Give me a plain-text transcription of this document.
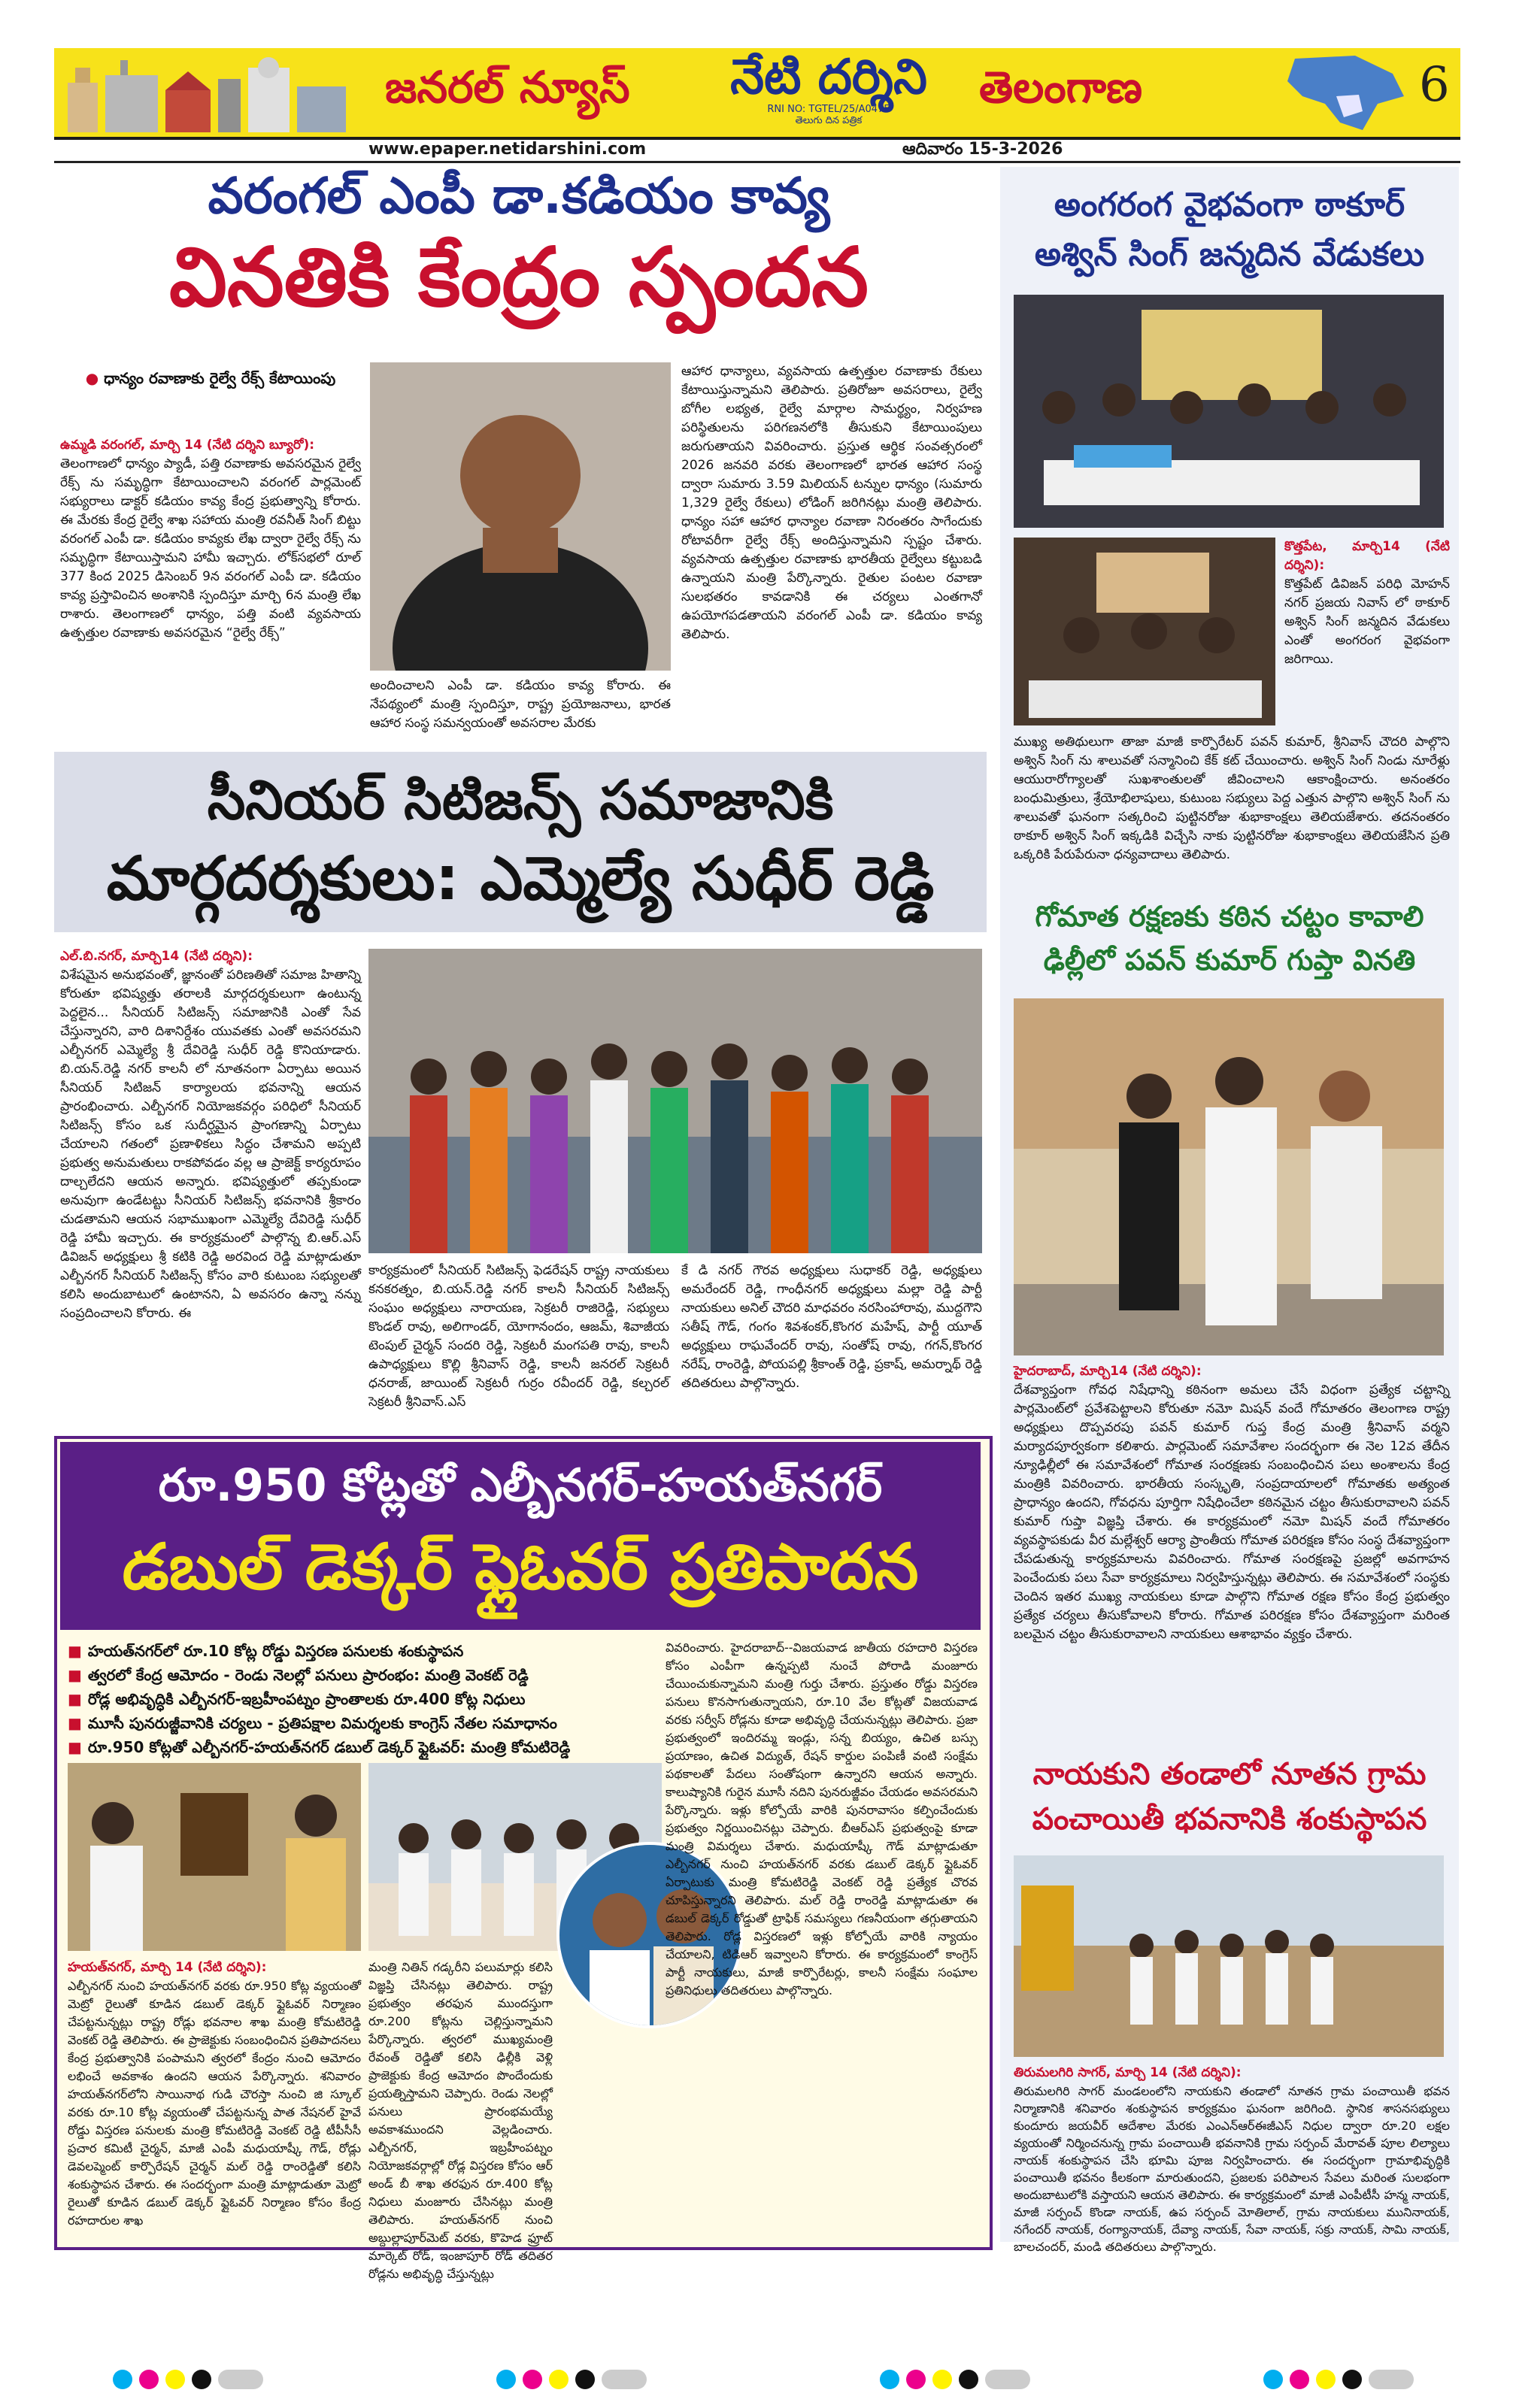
జనరల్ న్యూస్	నేటి దర్శిని
RNI NO: TGTEL/25/A0475
తెలుగు దిన పత్రిక
తెలంగాణ	6
www.epaper.netidarshini.com	ఆదివారం 15-3-2026
వరంగల్ ఎంపీ డా.కడియం కావ్య
వినతికి కేంద్రం స్పందన
● ధాన్యం రవాణాకు రైల్వే రేక్స్ కేటాయింపు

ఉమ్మడి వరంగల్, మార్చి 14 (నేటి దర్శిని బ్యూరో):

తెలంగాణలో ధాన్యం ప్యాడీ, పత్తి రవాణాకు అవసరమైన రైల్వే రేక్స్ ను సమృద్ధిగా కేటాయించాలని వరంగల్ పార్లమెంట్ సభ్యురాలు డాక్టర్ కడియం కావ్య కేంద్ర ప్రభుత్వాన్ని కోరారు. ఈ మేరకు కేంద్ర రైల్వే శాఖ సహాయ మంత్రి రవనీత్ సింగ్ బిట్టు వరంగల్ ఎంపీ డా. కడియం కావ్యకు లేఖ ద్వారా రైల్వే రేక్స్ ను సమృద్ధిగా కేటాయిస్తామని హామీ ఇచ్చారు. లోక్‌సభలో రూల్ 377 కింద 2025 డిసెంబర్ 9న వరంగల్ ఎంపీ డా. కడియం కావ్య ప్రస్తావించిన అంశానికి స్పందిస్తూ మార్చి 6న మంత్రి లేఖ రాశారు. తెలంగాణలో ధాన్యం, పత్తి వంటి వ్యవసాయ ఉత్పత్తుల రవాణాకు అవసరమైన “రైల్వే రేక్స్”

అందించాలని ఎంపీ డా. కడియం కావ్య కోరారు. ఈ నేపథ్యంలో మంత్రి స్పందిస్తూ, రాష్ట్ర ప్రయోజనాలు, భారత ఆహార సంస్థ సమన్వయంతో అవసరాల మేరకు

ఆహార ధాన్యాలు, వ్యవసాయ ఉత్పత్తుల రవాణాకు రేకులు కేటాయిస్తున్నామని తెలిపారు. ప్రతిరోజూ అవసరాలు, రైల్వే బోగీల లభ్యత, రైల్వే మార్గాల సామర్థ్యం, నిర్వహణ పరిస్థితులను పరిగణనలోకి తీసుకుని కేటాయింపులు జరుగుతాయని వివరించారు. ప్రస్తుత ఆర్థిక సంవత్సరంలో 2026 జనవరి వరకు తెలంగాణలో భారత ఆహార సంస్థ ద్వారా సుమారు 3.59 మిలియన్ టన్నుల ధాన్యం (సుమారు 1,329 రైల్వే రేకులు) లోడింగ్ జరిగినట్లు మంత్రి తెలిపారు. ధాన్యం సహా ఆహార ధాన్యాల రవాణా నిరంతరం సాగేందుకు రోటావరీగా రైల్వే రేక్స్ అందిస్తున్నామని స్పష్టం చేశారు. వ్యవసాయ ఉత్పత్తుల రవాణాకు భారతీయ రైల్వేలు కట్టుబడి ఉన్నాయని మంత్రి పేర్కొన్నారు. రైతుల పంటల రవాణా సులభతరం కావడానికి ఈ చర్యలు ఎంతగానో ఉపయోగపడతాయని వరంగల్ ఎంపీ డా. కడియం కావ్య తెలిపారు.

సీనియర్ సిటిజన్స్ సమాజానికి
మార్గదర్శకులు: ఎమ్మెల్యే సుధీర్ రెడ్డి

ఎల్.బి.నగర్, మార్చి14 (నేటి దర్శిని):

విశేషమైన అనుభవంతో, జ్ఞానంతో పరిణతితో సమాజ హితాన్ని కోరుతూ భవిష్యత్తు తరాలకి మార్గదర్శకులుగా ఉంటున్న పెద్దలైన... సీనియర్ సిటిజన్స్ సమాజానికి ఎంతో సేవ చేస్తున్నారని, వారి దిశానిర్దేశం యువతకు ఎంతో అవసరమని ఎల్బీనగర్ ఎమ్మెల్యే శ్రీ దేవిరెడ్డి సుధీర్ రెడ్డి కొనియాడారు. బి.యన్.రెడ్డి నగర్ కాలనీ లో నూతనంగా ఏర్పాటు అయిన సీనియర్ సిటిజన్ కార్యాలయ భవనాన్ని ఆయన ప్రారంభించారు. ఎల్బీనగర్ నియోజకవర్గం పరిధిలో సీనియర్ సిటిజన్స్ కోసం ఒక సుదీర్ఘమైన ప్రాంగణాన్ని ఏర్పాటు చేయాలని గతంలో ప్రణాళికలు సిద్ధం చేశామని అప్పటి ప్రభుత్వ అనుమతులు రాకపోవడం వల్ల ఆ ప్రాజెక్ట్ కార్యరూపం దాల్చలేదని ఆయన అన్నారు. భవిష్యత్తులో తప్పకుండా అనువుగా ఉండేటట్టు సీనియర్ సిటిజన్స్ భవనానికి శ్రీకారం చుడతామని ఆయన సభాముఖంగా ఎమ్మెల్యే దేవిరెడ్డి సుధీర్ రెడ్డి హామీ ఇచ్చారు. ఈ కార్యక్రమంలో పాల్గొన్న బి.ఆర్.ఎస్ డివిజన్ అధ్యక్షులు శ్రీ కటికి రెడ్డి అరవింద రెడ్డి మాట్లాడుతూ ఎల్బీనగర్ సీనియర్ సిటిజన్స్ కోసం వారి కుటుంబ సభ్యులతో కలిసి అందుబాటులో ఉంటానని, ఏ అవసరం ఉన్నా నన్ను సంప్రదించాలని కోరారు. ఈ

కార్యక్రమంలో సీనియర్ సిటిజన్స్ ఫెడరేషన్ రాష్ట్ర నాయకులు కనకరత్నం, బి.యన్.రెడ్డి నగర్ కాలనీ సీనియర్ సిటిజన్స్ సంఘం అధ్యక్షులు నారాయణ, సెక్రటరీ రాజిరెడ్డి, సభ్యులు కొండల్ రావు, అలిగాండర్, యోగానందం, ఆజమ్, శివాజీయ టెంపుల్ చైర్మన్ సందరి రెడ్డి, సెక్రటరీ మంగపతి రావు, కాలనీ ఉపాధ్యక్షులు కొల్లి శ్రీనివాస్ రెడ్డి, కాలనీ జనరల్ సెక్రటరీ ధనరాజ్, జాయింట్ సెక్రటరీ గుర్రం రవీందర్ రెడ్డి, కల్చరల్ సెక్రటరీ శ్రీనివాస్.ఎస్

కే డి నగర్ గౌరవ అధ్యక్షులు సుధాకర్ రెడ్డి, అధ్యక్షులు అమరేందర్ రెడ్డి, గాంధీనగర్ అధ్యక్షులు మల్లా రెడ్డి పార్టీ నాయకులు అనిల్ చౌదరి మాధవరం నరసింహారావు, ముద్దగౌని సతీష్ గౌడ్, గంగం శివశంకర్,కొంగర మహేష్, పార్టీ యూత్ అధ్యక్షులు రాఘవేందర్ రావు, సంతోష్ రావు, గగన్,కొంగర నరేష్, రాంరెడ్డి, పోయపల్లి శ్రీకాంత్ రెడ్డి, ప్రకాష్, అమర్నాథ్ రెడ్డి తదితరులు పాల్గొన్నారు.

రూ.950 కోట్లతో ఎల్బీనగర్-హయత్‌నగర్
డబుల్ డెక్కర్ ఫ్లైఓవర్ ప్రతిపాదన
■ హయత్‌నగర్‌లో రూ.10 కోట్ల రోడ్డు విస్తరణ పనులకు శంకుస్థాపన
■ త్వరలో కేంద్ర ఆమోదం - రెండు నెలల్లో పనులు ప్రారంభం: మంత్రి వెంకట్ రెడ్డి
■ రోడ్ల అభివృద్ధికి ఎల్బీనగర్-ఇబ్రహీంపట్నం ప్రాంతాలకు రూ.400 కోట్ల నిధులు
■ మూసీ పునరుజ్జీవానికి చర్యలు - ప్రతిపక్షాల విమర్శలకు కాంగ్రెస్ నేతల సమాధానం
■ రూ.950 కోట్లతో ఎల్బీనగర్-హయత్‌నగర్ డబుల్ డెక్కర్ ఫ్లైఓవర్: మంత్రి కోమటిరెడ్డి

హయత్‌నగర్, మార్చి 14 (నేటి దర్శిని):

ఎల్బీనగర్ నుంచి హయత్‌నగర్ వరకు రూ.950 కోట్ల వ్యయంతో మెట్రో రైలుతో కూడిన డబుల్ డెక్కర్ ఫ్లైఓవర్ నిర్మాణం చేపట్టనున్నట్లు రాష్ట్ర రోడ్లు భవనాల శాఖ మంత్రి కోమటిరెడ్డి వెంకట్ రెడ్డి తెలిపారు. ఈ ప్రాజెక్టుకు సంబంధించిన ప్రతిపాదనలు కేంద్ర ప్రభుత్వానికి పంపామని త్వరలో కేంద్రం నుంచి ఆమోదం లభించే అవకాశం ఉందని ఆయన పేర్కొన్నారు. శనివారం హయత్‌నగర్‌లోని సాయినాథ గుడి చౌరస్తా నుంచి జి స్కూల్ వరకు రూ.10 కోట్ల వ్యయంతో చేపట్టనున్న పాత నేషనల్ హైవే రోడ్డు విస్తరణ పనులకు మంత్రి కోమటిరెడ్డి వెంకట్ రెడ్డి టీపీసీసీ ప్రచార కమిటీ చైర్మన్, మాజీ ఎంపీ మధుయాష్కీ గౌడ్, రోడ్లు డెవలప్మెంట్ కార్పొరేషన్ చైర్మన్ మల్ రెడ్డి రాంరెడ్డితో కలిసి శంకుస్థాపన చేశారు. ఈ సందర్భంగా మంత్రి మాట్లాడుతూ మెట్రో రైలుతో కూడిన డబుల్ డెక్కర్ ఫ్లైఓవర్ నిర్మాణం కోసం కేంద్ర రహదారుల శాఖ

మంత్రి నితిన్ గడ్కరీని పలుమార్లు కలిసి విజ్ఞప్తి చేసినట్లు తెలిపారు. రాష్ట్ర ప్రభుత్వం తరఫున ముందస్తుగా రూ.200 కోట్లను చెల్లిస్తున్నామని పేర్కొన్నారు. త్వరలో ముఖ్యమంత్రి రేవంత్ రెడ్డితో కలిసి ఢిల్లీకి వెళ్లి ప్రాజెక్టుకు కేంద్ర ఆమోదం పొందేందుకు ప్రయత్నిస్తామని చెప్పారు. రెండు నెలల్లో పనులు ప్రారంభమయ్యే అవకాశముందని వెల్లడించారు. ఎల్బీనగర్, ఇబ్రహీంపట్నం నియోజకవర్గాల్లో రోడ్ల విస్తరణ కోసం ఆర్ అండ్ బీ శాఖ తరఫున రూ.400 కోట్ల నిధులు మంజూరు చేసినట్లు మంత్రి తెలిపారు. హయత్‌నగర్ నుంచి అబ్దుల్లాపూర్‌మెట్ వరకు, కొహెడ ఫ్రూట్ మార్కెట్ రోడ్, ఇంజాపూర్ రోడ్ తదితర రోడ్లను అభివృద్ధి చేస్తున్నట్లు

వివరించారు. హైదరాబాద్--విజయవాడ జాతీయ రహదారి విస్తరణ కోసం ఎంపీగా ఉన్నప్పటి నుంచే పోరాడి మంజూరు చేయించుకున్నామని మంత్రి గుర్తు చేశారు. ప్రస్తుతం రోడ్డు విస్తరణ పనులు కొనసాగుతున్నాయని, రూ.10 వేల కోట్లతో విజయవాడ వరకు సర్వీస్ రోడ్లను కూడా అభివృద్ధి చేయనున్నట్లు తెలిపారు. ప్రజా ప్రభుత్వంలో ఇందిరమ్మ ఇండ్లు, సన్న బియ్యం, ఉచిత బస్సు ప్రయాణం, ఉచిత విద్యుత్, రేషన్ కార్డుల పంపిణీ వంటి సంక్షేమ పథకాలతో పేదలు సంతోషంగా ఉన్నారని ఆయన అన్నారు. కాలుష్యానికి గురైన మూసీ నదిని పునరుజ్జీవం చేయడం అవసరమని పేర్కొన్నారు. ఇళ్లు కోల్పోయే వారికి పునరావాసం కల్పించేందుకు ప్రభుత్వం నిర్ణయించినట్లు చెప్పారు. బీఆర్ఎస్ ప్రభుత్వంపై కూడా మంత్రి విమర్శలు చేశారు. మధుయాష్కీ గౌడ్ మాట్లాడుతూ ఎల్బీనగర్ నుంచి హయత్‌నగర్ వరకు డబుల్ డెక్కర్ ఫ్లైఓవర్ ఏర్పాటుకు మంత్రి కోమటిరెడ్డి వెంకట్ రెడ్డి ప్రత్యేక చొరవ చూపిస్తున్నారని తెలిపారు. మల్ రెడ్డి రాంరెడ్డి మాట్లాడుతూ ఈ డబుల్ డెక్కర్ రోడ్డుతో ట్రాఫిక్ సమస్యలు గణనీయంగా తగ్గుతాయని తెలిపారు. రోడ్ల విస్తరణలో ఇళ్లు కోల్పోయే వారికి న్యాయం చేయాలని, టిడిఆర్ ఇవ్వాలని కోరారు. ఈ కార్యక్రమంలో కాంగ్రెస్ పార్టీ నాయకులు, మాజీ కార్పొరేటర్లు, కాలనీ సంక్షేమ సంఘాల ప్రతినిధులు తదితరులు పాల్గొన్నారు.

అంగరంగ వైభవంగా ఠాకూర్
అశ్విన్ సింగ్ జన్మదిన వేడుకలు

కొత్తపేట, మార్చి14 (నేటి దర్శిని):

కొత్తపేట్ డివిజన్ పరిధి మోహన్ నగర్ ప్రజయ నివాస్ లో ఠాకూర్ అశ్విన్ సింగ్ జన్మదిన వేడుకలు ఎంతో అంగరంగ వైభవంగా జరిగాయి.

ముఖ్య అతిథులుగా తాజా మాజీ కార్పొరేటర్ పవన్ కుమార్, శ్రీనివాస్ చౌదరి పాల్గొని అశ్విన్ సింగ్ ను శాలువతో సన్మానించి కేక్ కట్ చేయించారు. అశ్విన్ సింగ్ నిండు నూరేళ్లు ఆయురారోగ్యాలతో సుఖశాంతులతో జీవించాలని ఆకాంక్షించారు. అనంతరం బంధుమిత్రులు, శ్రేయోభిలాషులు, కుటుంబ సభ్యులు పెద్ద ఎత్తున పాల్గొని అశ్విన్ సింగ్ ను శాలువతో ఘనంగా సత్కరించి పుట్టినరోజు శుభాకాంక్షలు తెలియజేశారు. తదనంతరం ఠాకూర్ అశ్విన్ సింగ్ ఇక్కడికి విచ్చేసి నాకు పుట్టినరోజు శుభాకాంక్షలు తెలియజేసిన ప్రతి ఒక్కరికి పేరుపేరునా ధన్యవాదాలు తెలిపారు.

గోమాత రక్షణకు కఠిన చట్టం కావాలి
ఢిల్లీలో పవన్ కుమార్ గుప్తా వినతి

హైదరాబాద్, మార్చి14 (నేటి దర్శిని):

దేశవ్యాప్తంగా గోవధ నిషేధాన్ని కఠినంగా అమలు చేసే విధంగా ప్రత్యేక చట్టాన్ని పార్లమెంట్‌లో ప్రవేశపెట్టాలని కోరుతూ నమో మిషన్ వందే గోమాతరం తెలంగాణ రాష్ట్ర అధ్యక్షులు దొప్పవరపు పవన్ కుమార్ గుప్త కేంద్ర మంత్రి శ్రీనివాస్ వర్మని మర్యాదపూర్వకంగా కలిశారు. పార్లమెంట్ సమావేశాల సందర్భంగా ఈ నెల 12వ తేదీన న్యూఢిల్లీలో ఈ సమావేశంలో గోమాత సంరక్షణకు సంబంధించిన పలు అంశాలను కేంద్ర మంత్రికి వివరించారు. భారతీయ సంస్కృతి, సంప్రదాయాలలో గోమాతకు అత్యంత ప్రాధాన్యం ఉందని, గోవధను పూర్తిగా నిషేధించేలా కఠినమైన చట్టం తీసుకురావాలని పవన్ కుమార్ గుప్తా విజ్ఞప్తి చేశారు. ఈ కార్యక్రమంలో నమో మిషన్ వందే గోమాతరం వ్యవస్థాపకుడు వీర మల్లేశ్వర్ ఆర్యా ప్రాంతీయ గోమాత పరిరక్షణ కోసం సంస్థ దేశవ్యాప్తంగా చేపడుతున్న కార్యక్రమాలను వివరించారు. గోమాత సంరక్షణపై ప్రజల్లో అవగాహన పెంచేందుకు పలు సేవా కార్యక్రమాలు నిర్వహిస్తున్నట్లు తెలిపారు. ఈ సమావేశంలో సంస్థకు చెందిన ఇతర ముఖ్య నాయకులు కూడా పాల్గొని గోమాత రక్షణ కోసం కేంద్ర ప్రభుత్వం ప్రత్యేక చర్యలు తీసుకోవాలని కోరారు. గోమాత పరిరక్షణ కోసం దేశవ్యాప్తంగా మరింత బలమైన చట్టం తీసుకురావాలని నాయకులు ఆశాభావం వ్యక్తం చేశారు.

నాయకుని తండాలో నూతన గ్రామ
పంచాయితీ భవనానికి శంకుస్థాపన

తిరుమలగిరి సాగర్, మార్చి 14 (నేటి దర్శిని):

తిరుమలగిరి సాగర్ మండలంలోని నాయకుని తండాలో నూతన గ్రామ పంచాయితీ భవన నిర్మాణానికి శనివారం శంకుస్థాపన కార్యక్రమం ఘనంగా జరిగింది. స్థానిక శాసనసభ్యులు కుందూరు జయవీర్ ఆదేశాల మేరకు ఎంఎన్ఆర్ఈజీఎస్ నిధుల ద్వారా రూ.20 లక్షల వ్యయంతో నిర్మించనున్న గ్రామ పంచాయితీ భవనానికి గ్రామ సర్పంచ్ మేరావత్ పూల లిల్యాలు నాయక్ శంకుస్థాపన చేసి భూమి పూజ నిర్వహించారు. ఈ సందర్భంగా గ్రామాభివృద్ధికి పంచాయితీ భవనం కీలకంగా మారుతుందని, ప్రజలకు పరిపాలన సేవలు మరింత సులభంగా అందుబాటులోకి వస్తాయని ఆయన తెలిపారు. ఈ కార్యక్రమంలో మాజీ ఎంపీటీసీ హన్మ నాయక్, మాజీ సర్పంచ్ కొండా నాయక్, ఉప సర్పంచ్ మోతిలాల్, గ్రామ నాయకులు మునినాయక్, నగేందర్ నాయక్, రంగ్యానాయక్, దేవ్యా నాయక్, సేవా నాయక్, సక్రు నాయక్, సామి నాయక్, బాలచందర్, మండి తదితరులు పాల్గొన్నారు.
